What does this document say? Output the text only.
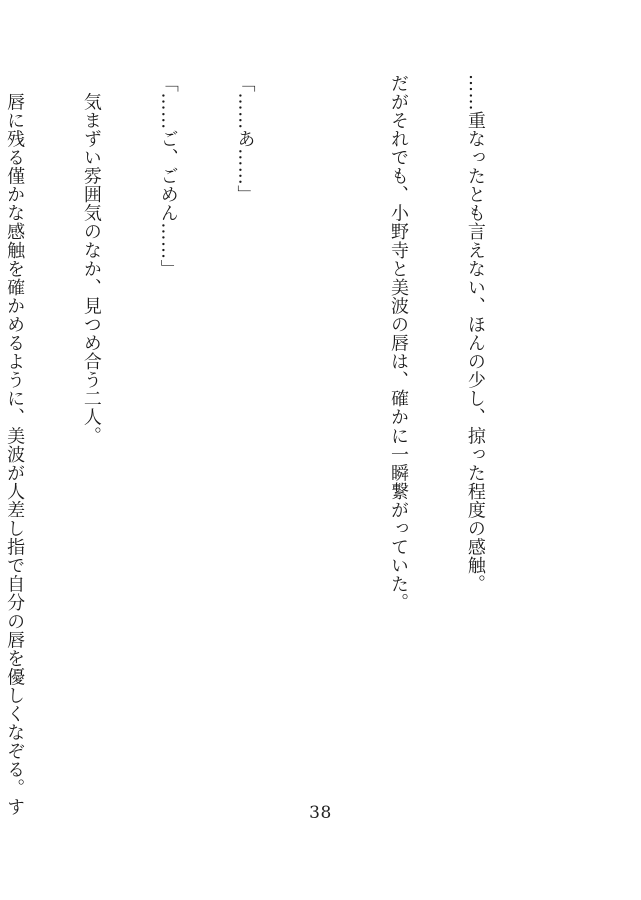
……重なったとも言えない、ほんの少し、掠った程度の感触。

だがそれでも、小野寺と美波の唇は、確かに一瞬繋がっていた。

「……あ……」

「……ご、ごめん……」

　気まずい雰囲気のなか、見つめ合う二人。

　唇に残る僅かな感触を確かめるように、美波が人差し指で自分の唇を優しくなぞる。す

	38
